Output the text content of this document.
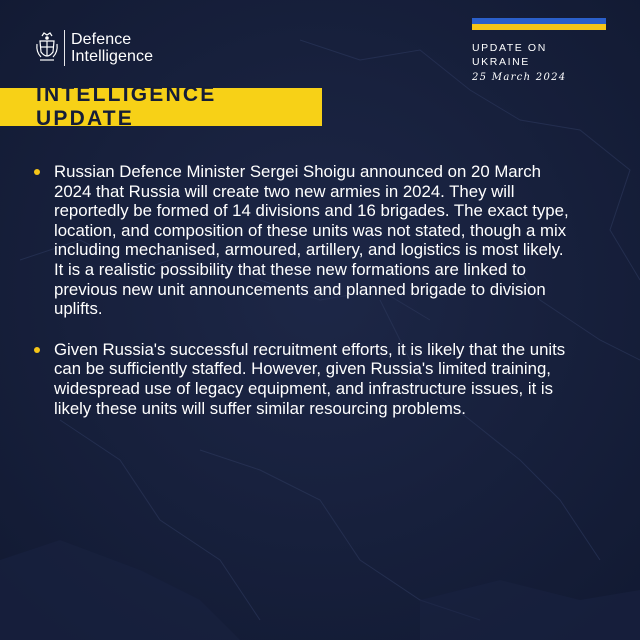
Defence
Intelligence	UPDATE ON UKRAINE
25 March 2024
INTELLIGENCE UPDATE

Russian Defence Minister Sergei Shoigu announced on 20 March 2024 that Russia will create two new armies in 2024. They will reportedly be formed of 14 divisions and 16 brigades. The exact type, location, and composition of these units was not stated, though a mix including mechanised, armoured, artillery, and logistics is most likely. It is a realistic possibility that these new formations are linked to previous new unit announcements and planned brigade to division uplifts.

Given Russia's successful recruitment efforts, it is likely that the units can be sufficiently staffed. However, given Russia's limited training, widespread use of legacy equipment, and infrastructure issues, it is likely these units will suffer similar resourcing problems.
